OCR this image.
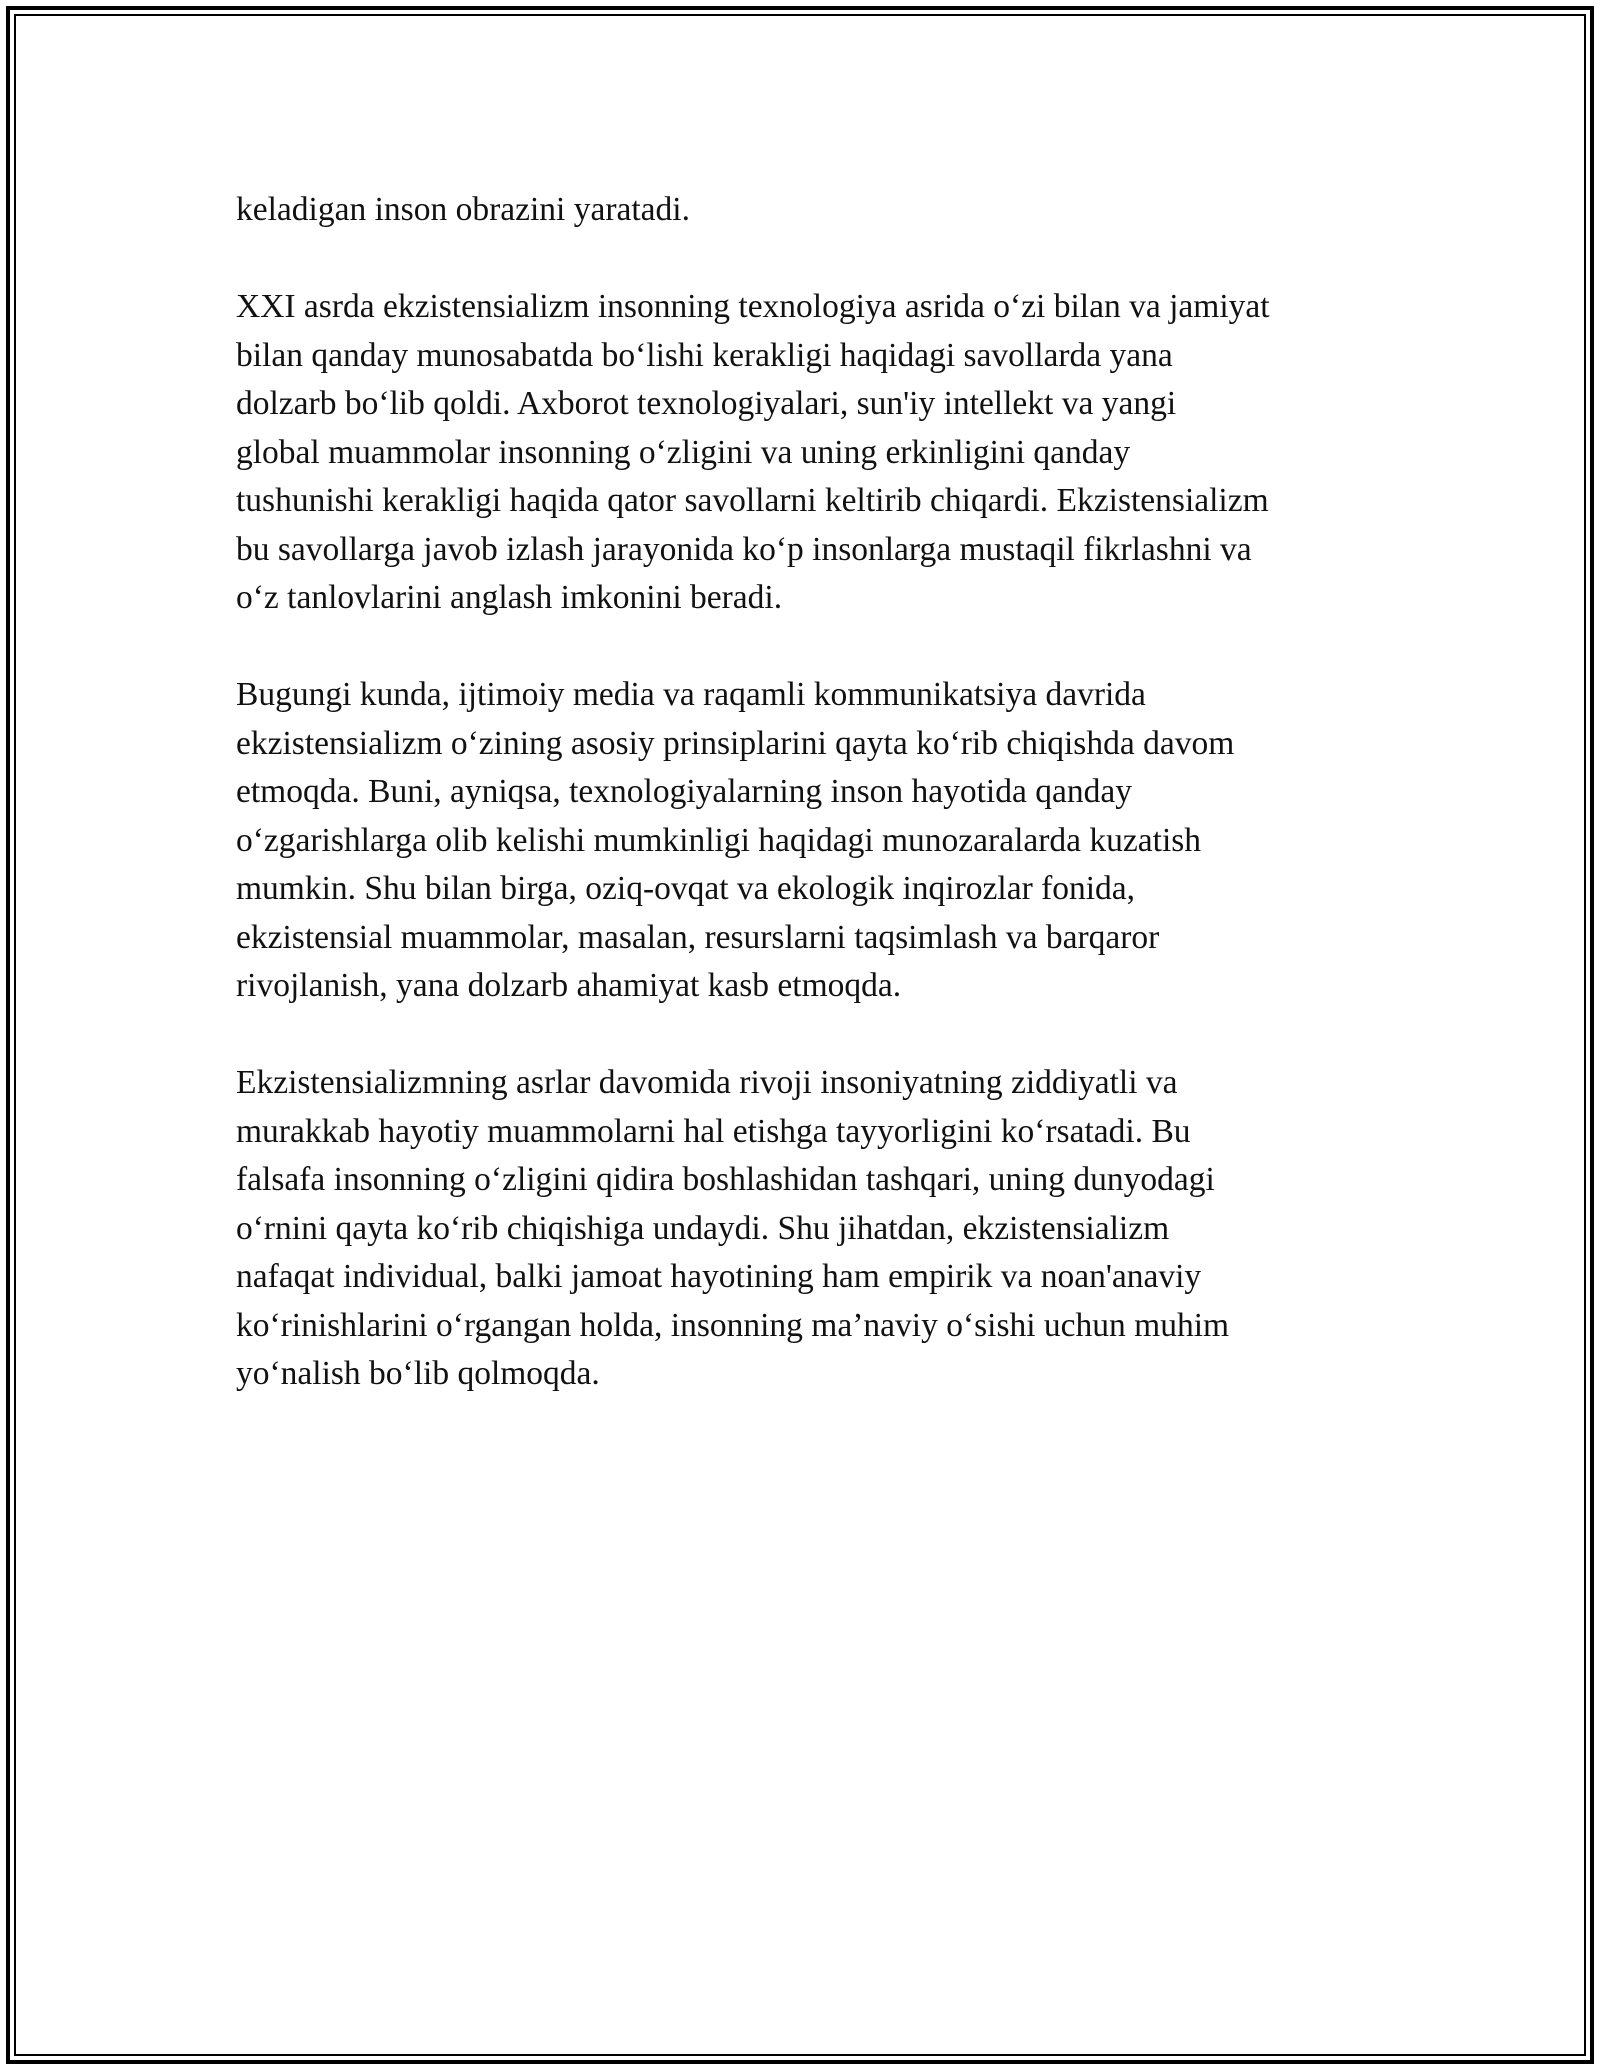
keladigan inson obrazini yaratadi.

XXI asrda ekzistensializm insonning texnologiya asrida o‘zi bilan va jamiyat
bilan qanday munosabatda bo‘lishi kerakligi haqidagi savollarda yana
dolzarb bo‘lib qoldi. Axborot texnologiyalari, sun'iy intellekt va yangi
global muammolar insonning o‘zligini va uning erkinligini qanday
tushunishi kerakligi haqida qator savollarni keltirib chiqardi. Ekzistensializm
bu savollarga javob izlash jarayonida ko‘p insonlarga mustaqil fikrlashni va
o‘z tanlovlarini anglash imkonini beradi.

Bugungi kunda, ijtimoiy media va raqamli kommunikatsiya davrida
ekzistensializm o‘zining asosiy prinsiplarini qayta ko‘rib chiqishda davom
etmoqda. Buni, ayniqsa, texnologiyalarning inson hayotida qanday
o‘zgarishlarga olib kelishi mumkinligi haqidagi munozaralarda kuzatish
mumkin. Shu bilan birga, oziq-ovqat va ekologik inqirozlar fonida,
ekzistensial muammolar, masalan, resurslarni taqsimlash va barqaror
rivojlanish, yana dolzarb ahamiyat kasb etmoqda.

Ekzistensializmning asrlar davomida rivoji insoniyatning ziddiyatli va
murakkab hayotiy muammolarni hal etishga tayyorligini ko‘rsatadi. Bu
falsafa insonning o‘zligini qidira boshlashidan tashqari, uning dunyodagi
o‘rnini qayta ko‘rib chiqishiga undaydi. Shu jihatdan, ekzistensializm
nafaqat individual, balki jamoat hayotining ham empirik va noan'anaviy
ko‘rinishlarini o‘rgangan holda, insonning ma’naviy o‘sishi uchun muhim
yo‘nalish bo‘lib qolmoqda.
